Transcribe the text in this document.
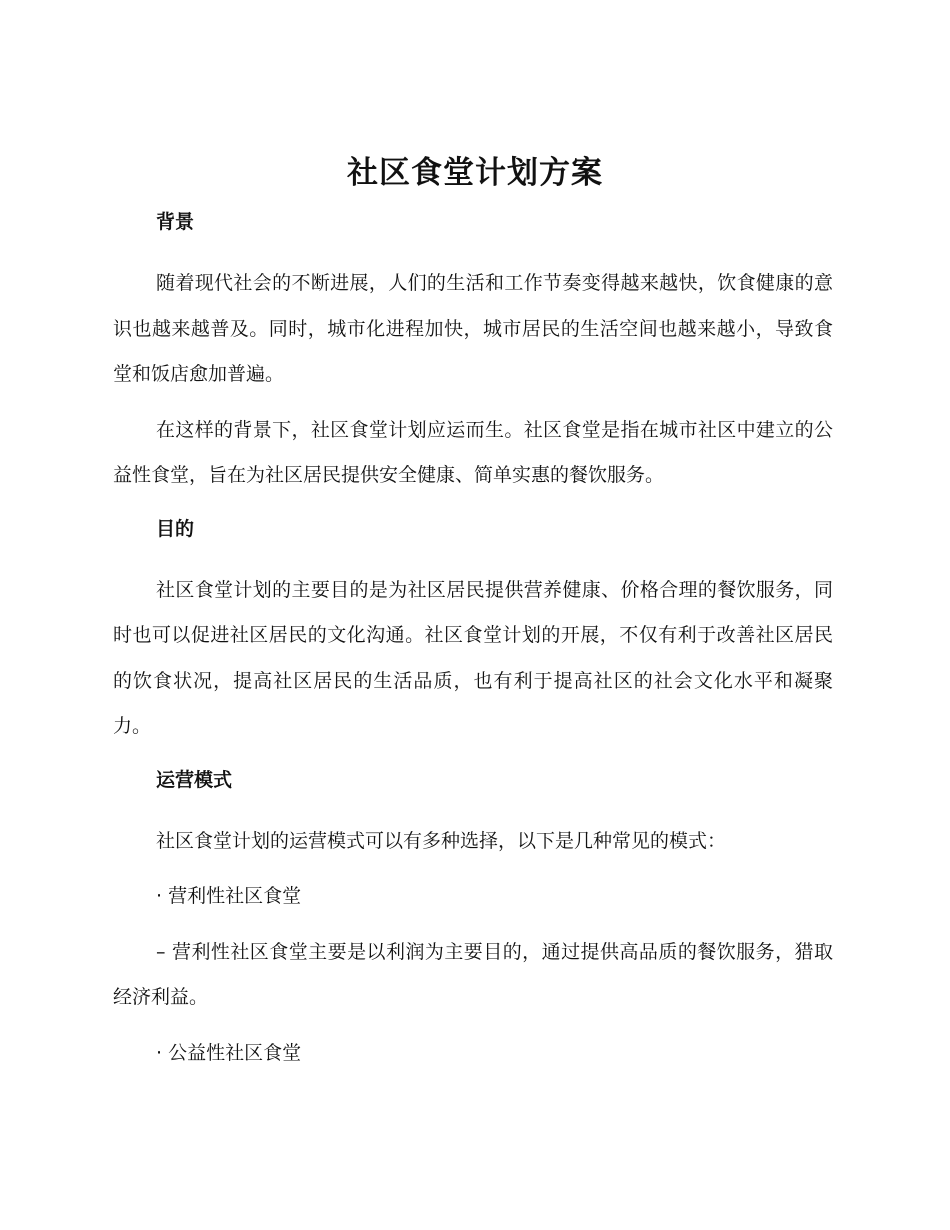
社区食堂计划方案
背景

随着现代社会的不断进展，人们的生活和工作节奏变得越来越快，饮食健康的意识也越来越普及。同时，城市化进程加快，城市居民的生活空间也越来越小，导致食堂和饭店愈加普遍。

在这样的背景下，社区食堂计划应运而生。社区食堂是指在城市社区中建立的公益性食堂，旨在为社区居民提供安全健康、简单实惠的餐饮服务。

目的

社区食堂计划的主要目的是为社区居民提供营养健康、价格合理的餐饮服务，同时也可以促进社区居民的文化沟通。社区食堂计划的开展，不仅有利于改善社区居民的饮食状况，提高社区居民的生活品质，也有利于提高社区的社会文化水平和凝聚力。

运营模式

社区食堂计划的运营模式可以有多种选择，以下是几种常见的模式：

· 营利性社区食堂

– 营利性社区食堂主要是以利润为主要目的，通过提供高品质的餐饮服务，猎取经济利益。

· 公益性社区食堂
